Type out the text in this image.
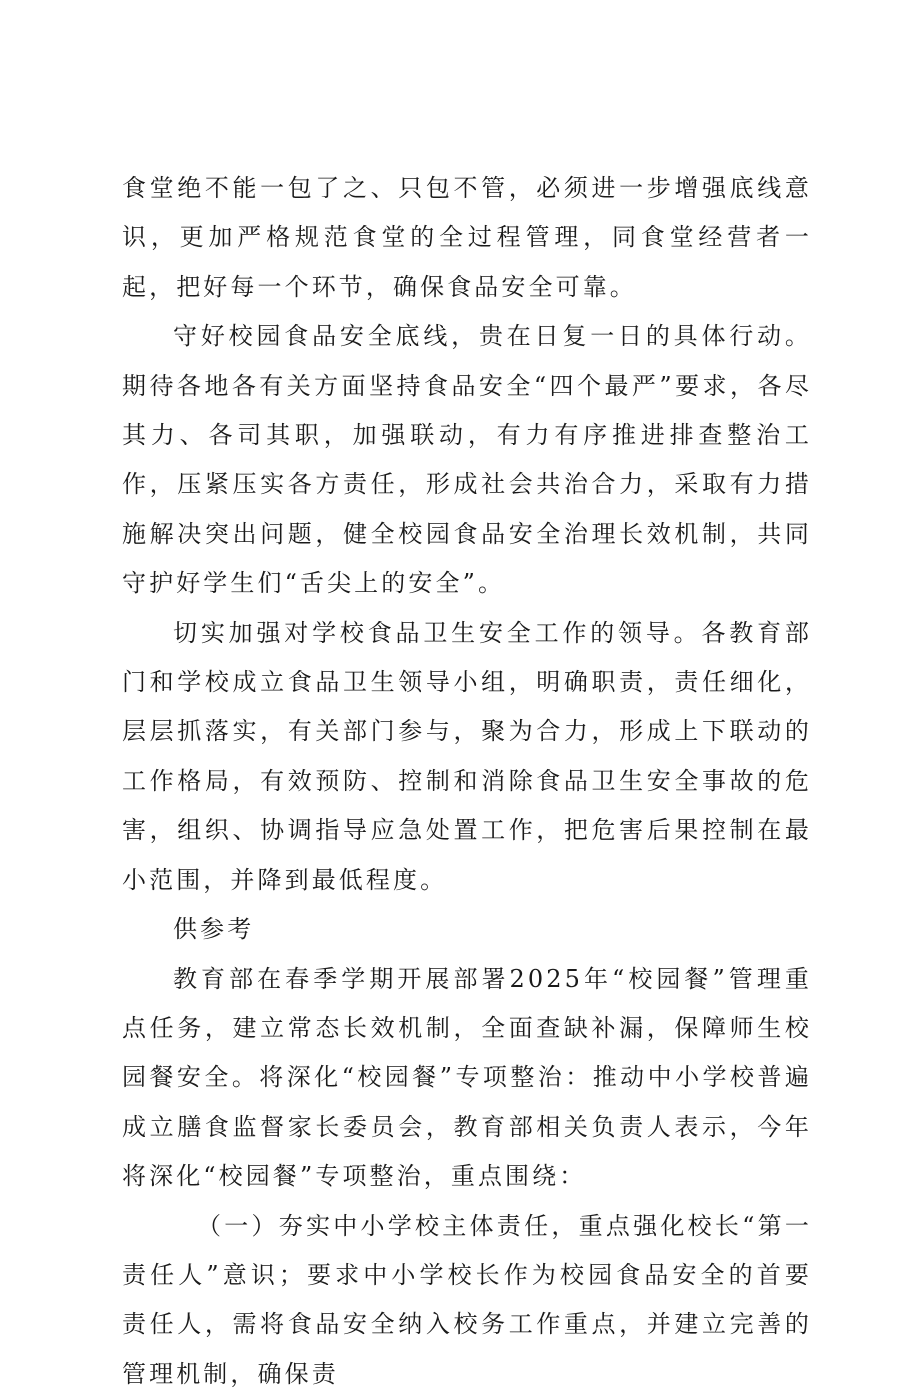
食堂绝不能一包了之、只包不管，必须进一步增强底线意识，更加严格规范食堂的全过程管理，同食堂经营者一起，把好每一个环节，确保食品安全可靠。

守好校园食品安全底线，贵在日复一日的具体行动。期待各地各有关方面坚持食品安全“四个最严”要求，各尽其力、各司其职，加强联动，有力有序推进排查整治工作，压紧压实各方责任，形成社会共治合力，采取有力措施解决突出问题，健全校园食品安全治理长效机制，共同守护好学生们“舌尖上的安全”。

切实加强对学校食品卫生安全工作的领导。各教育部门和学校成立食品卫生领导小组，明确职责，责任细化，层层抓落实，有关部门参与，聚为合力，形成上下联动的工作格局，有效预防、控制和消除食品卫生安全事故的危害，组织、协调指导应急处置工作，把危害后果控制在最小范围，并降到最低程度。

供参考

教育部在春季学期开展部署2025年“校园餐”管理重点任务，建立常态长效机制，全面查缺补漏，保障师生校园餐安全。将深化“校园餐”专项整治：推动中小学校普遍成立膳食监督家长委员会，教育部相关负责人表示，今年将深化“校园餐”专项整治，重点围绕：

（一）夯实中小学校主体责任，重点强化校长“第一责任人”意识；要求中小学校长作为校园食品安全的首要责任人，需将食品安全纳入校务工作重点，并建立完善的管理机制，确保责
